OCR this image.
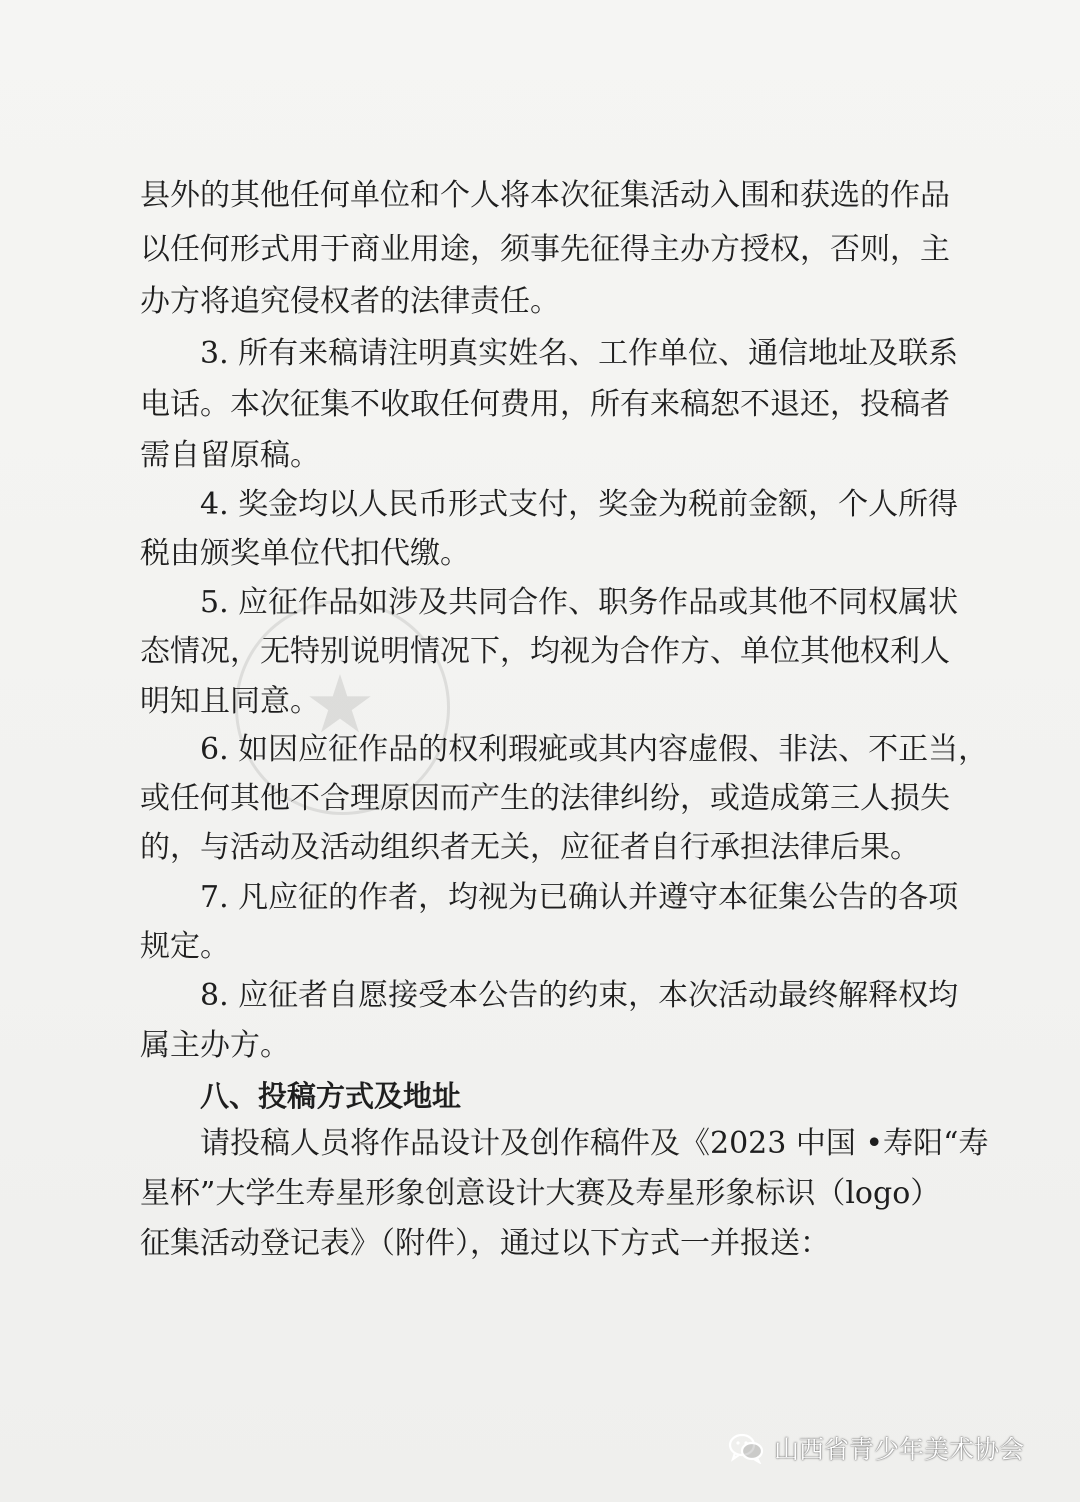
★
县外的其他任何单位和个人将本次征集活动入围和获选的作品
以任何形式用于商业用途，须事先征得主办方授权，否则，主
办方将追究侵权者的法律责任。
3. 所有来稿请注明真实姓名、工作单位、通信地址及联系
电话。本次征集不收取任何费用，所有来稿恕不退还，投稿者
需自留原稿。
4. 奖金均以人民币形式支付，奖金为税前金额，个人所得
税由颁奖单位代扣代缴。
5. 应征作品如涉及共同合作、职务作品或其他不同权属状
态情况，无特别说明情况下，均视为合作方、单位其他权利人
明知且同意。
6. 如因应征作品的权利瑕疵或其内容虚假、非法、不正当，
或任何其他不合理原因而产生的法律纠纷，或造成第三人损失
的，与活动及活动组织者无关，应征者自行承担法律后果。
7. 凡应征的作者，均视为已确认并遵守本征集公告的各项
规定。
8. 应征者自愿接受本公告的约束，本次活动最终解释权均
属主办方。
八、投稿方式及地址
请投稿人员将作品设计及创作稿件及《2023 中国 •寿阳“寿
星杯”大学生寿星形象创意设计大赛及寿星形象标识（logo）
征集活动登记表》（附件），通过以下方式一并报送：
山西省青少年美术协会
